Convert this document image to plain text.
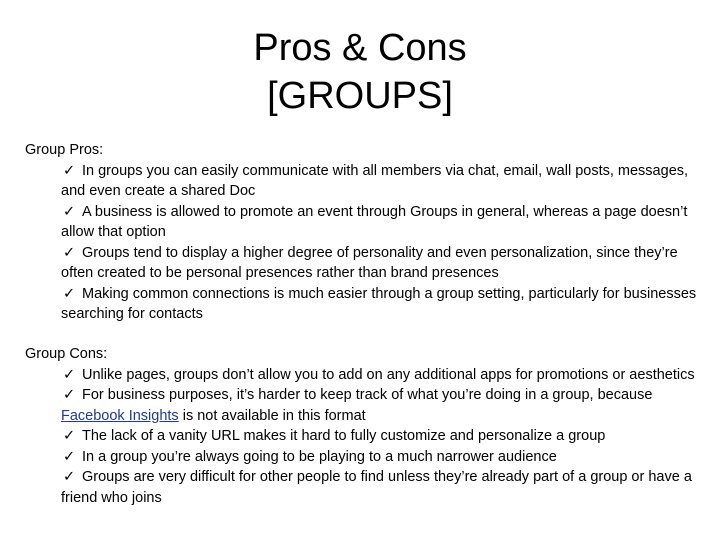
Pros & Cons
[GROUPS]
Group Pros:
✓ In groups you can easily communicate with all members via chat, email, wall posts, messages, and even create a shared Doc
✓ A business is allowed to promote an event through Groups in general, whereas a page doesn’t allow that option
✓ Groups tend to display a higher degree of personality and even personalization, since they’re often created to be personal presences rather than brand presences
✓ Making common connections is much easier through a group setting, particularly for businesses searching for contacts
Group Cons:
✓ Unlike pages, groups don’t allow you to add on any additional apps for promotions or aesthetics
✓ For business purposes, it’s harder to keep track of what you’re doing in a group, because Facebook Insights is not available in this format
✓ The lack of a vanity URL makes it hard to fully customize and personalize a group
✓ In a group you’re always going to be playing to a much narrower audience
✓ Groups are very difficult for other people to find unless they’re already part of a group or have a friend who joins
